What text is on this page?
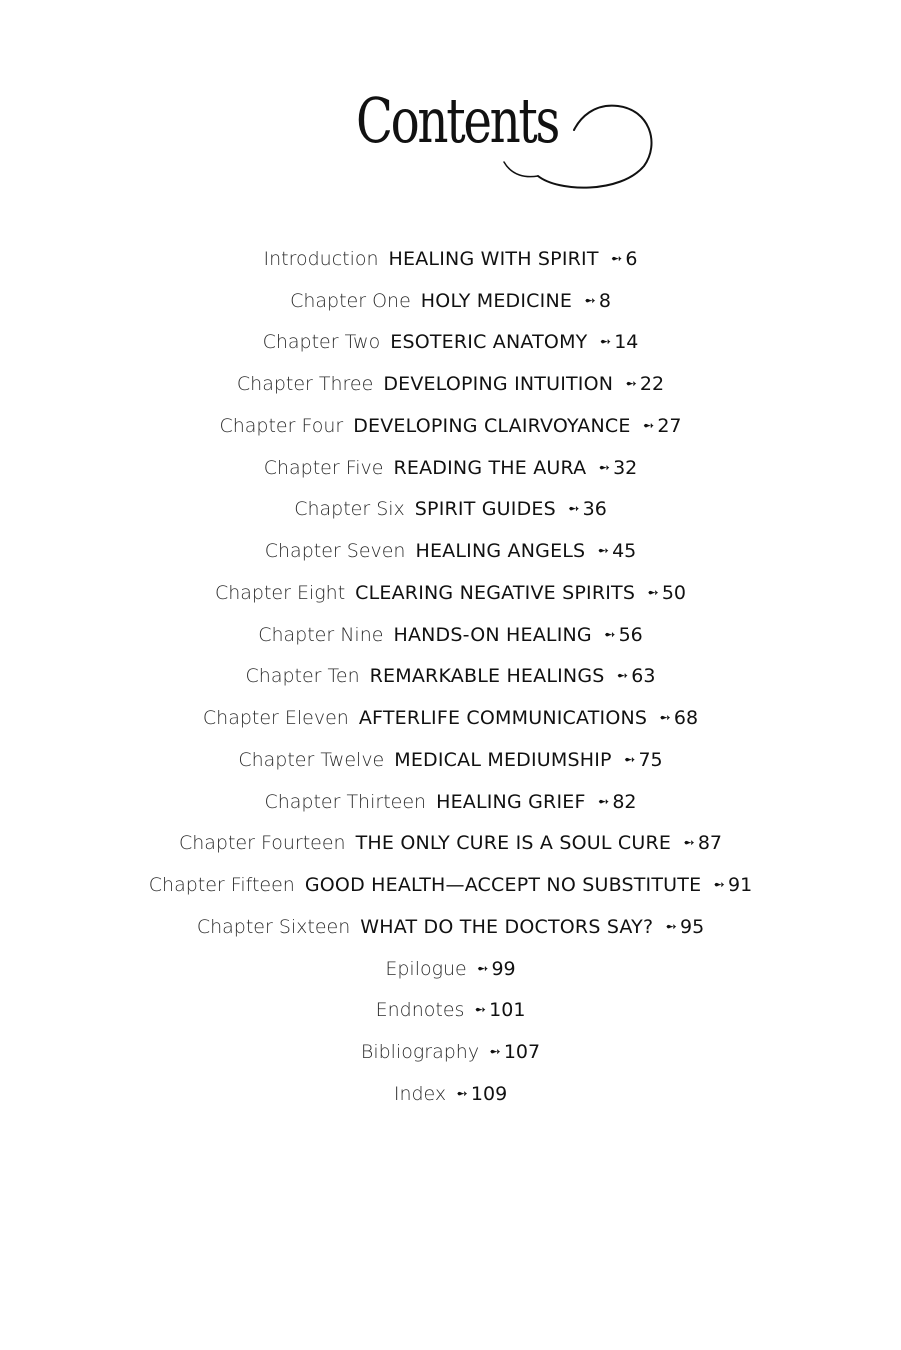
Contents
Introduction HEALING WITH SPIRIT ➻ 6
Chapter One HOLY MEDICINE ➻ 8
Chapter Two ESOTERIC ANATOMY ➻ 14
Chapter Three DEVELOPING INTUITION ➻ 22
Chapter Four DEVELOPING CLAIRVOYANCE ➻ 27
Chapter Five READING THE AURA ➻ 32
Chapter Six SPIRIT GUIDES ➻ 36
Chapter Seven HEALING ANGELS ➻ 45
Chapter Eight CLEARING NEGATIVE SPIRITS ➻ 50
Chapter Nine HANDS-ON HEALING ➻ 56
Chapter Ten REMARKABLE HEALINGS ➻ 63
Chapter Eleven AFTERLIFE COMMUNICATIONS ➻ 68
Chapter Twelve MEDICAL MEDIUMSHIP ➻ 75
Chapter Thirteen HEALING GRIEF ➻ 82
Chapter Fourteen THE ONLY CURE IS A SOUL CURE ➻ 87
Chapter Fifteen GOOD HEALTH—ACCEPT NO SUBSTITUTE ➻ 91
Chapter Sixteen WHAT DO THE DOCTORS SAY? ➻ 95
Epilogue ➻ 99
Endnotes ➻ 101
Bibliography ➻ 107
Index ➻ 109
